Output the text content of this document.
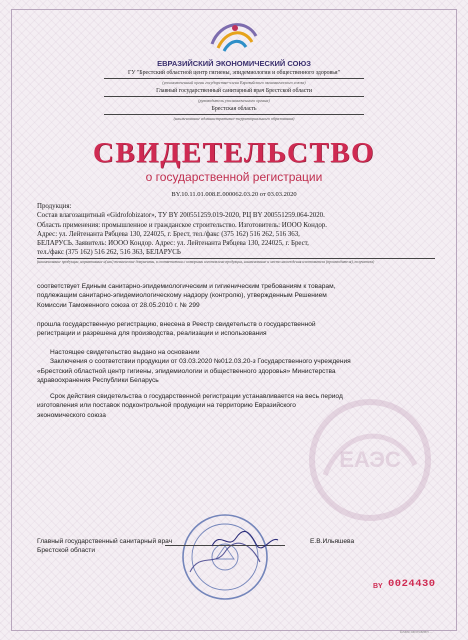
ЕВРАЗИЙСКИЙ ЭКОНОМИЧЕСКИЙ СОЮЗ
ГУ "Брестский областной центр гигиены, эпидемиологии и общественного здоровья"
(уполномоченный орган государства-члена Евразийского экономического союза)
Главный государственный санитарный врач Брестской области
(руководитель уполномоченного органа)
Брестская область
(наименование административно-территориального образования)
СВИДЕТЕЛЬСТВО
о государственной регистрации
BY.10.11.01.008.E.000062.03.20 от 03.03.2020
Продукция:
Состав влагозащитный «Gidrofobizator», ТУ BY 200551259.019-2020, РЦ BY 200551259.064-2020.
Область применения: промышленное и гражданское строительство. Изготовитель: ИООО Кондор.
Адрес: ул. Лейтенанта Рябцева 130, 224025, г. Брест, тел./факс (375 162) 516 262, 516 363,
БЕЛАРУСЬ. Заявитель: ИООО Кондор. Адрес: ул. Лейтенанта Рябцева 130, 224025, г. Брест,
тел./факс (375 162) 516 262, 516 363, БЕЛАРУСЬ
(наименование продукции, нормативные и(или) технические документы, в соответствии с которыми изготовлена продукция, наименование и место нахождения изготовителя (производителя), получателя)
соответствует Единым санитарно-эпидемиологическим и гигиеническим требованиям к товарам,
подлежащим санитарно-эпидемиологическому надзору (контролю), утвержденным Решением
Комиссии Таможенного союза от 28.05.2010 г. № 299
прошла государственную регистрацию, внесена в Реестр свидетельств о государственной
регистрации и разрешена для производства, реализации и использования
Настоящее свидетельство выдано на основании
Заключения о соответствии продукции от 03.03.2020 №012.03.20-з Государственного учреждения
«Брестский областной центр гигиены, эпидемиологии и общественного здоровья» Министерства
здравоохранения Республики Беларусь
Срок действия свидетельства о государственной регистрации устанавливается на весь период
изготовления или поставок подконтрольной продукции на территорию Евразийского
экономического союза
ЕАЭС
Главный государственный санитарный врач
Брестской области
Е.В.Ильяшева
BY 0024430
Бланк изготовлен ...
